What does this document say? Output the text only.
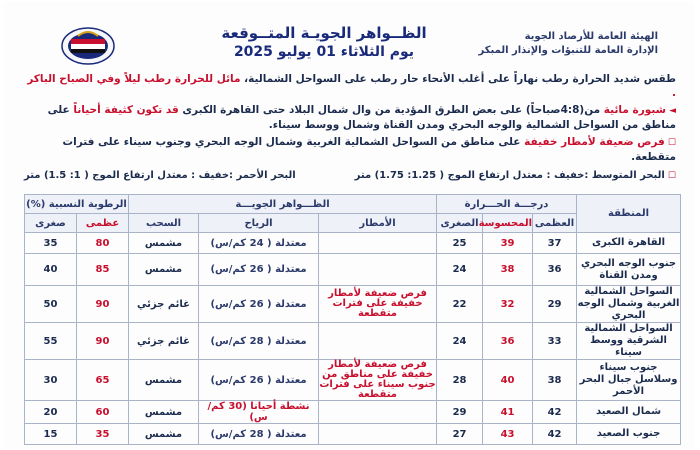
الهيئة العامة للأرصاد الجوية
الإدارة العامة للتنبؤات والإنذار المبكر
الظــواهر الجويـة المتــوقعة
يوم الثلاثاء 01 يوليو 2025
طقس شديد الحرارة رطب نهاراً على أغلب الأنحاء حار رطب على السواحل الشمالية، مائل للحرارة رطب ليلاً وفي الصباح الباكر .
◄ شبورة مائية من(4:8صباحاً) على بعض الطرق المؤدية من وال شمال البلاد حتى القاهرة الكبرى قد تكون كثيفة أحياناً على مناطق من السواحل الشمالية والوجه البحري ومدن القناة وشمال ووسط سيناء.
☐ فرص ضعيفة لأمطار خفيفة على مناطق من السواحل الشمالية الغربية وشمال الوجه البحري وجنوب سيناء على فترات متقطعة.
☐ البحر المتوسط :خفيف : معتدل ارتفاع الموج ( 1.25: 1.75) متر
البحر الأحمر :خفيف : معتدل ارتفاع الموج ( 1: 1.5) متر
المنطقة	درجـــة الحـــرارة			الظـــواهر الجويـــة			الرطوبة النسبية (%)	
	العظمى	المحسوسة	الصغرى	الأمطار	الرياح	السحب	عظمى	صغرى
القاهرة الكبرى	37	39	25		معتدلة ( 24 كم/س)	مشمس	80	35
جنوب الوجه البحري ومدن القناة	36	38	24		معتدلة ( 26 كم/س)	مشمس	85	40
السواحل الشمالية الغربية وشمال الوجه البحري	29	32	22	فرص ضعيفة لأمطار خفيفة على فترات متقطعة	معتدلة ( 26 كم/س)	غائم جزئي	90	50
السواحل الشمالية الشرقية ووسط سيناء	33	36	24		معتدلة ( 28 كم/س)	غائم جزئي	90	55
جنوب سيناء وسلاسل جبال البحر الأحمر	38	40	28	فرص ضعيفة لأمطار خفيفة على مناطق من جنوب سيناء على فترات متقطعة	معتدلة ( 26 كم/س)	مشمس	65	30
شمال الصعيد	42	41	29		نشطة أحيانا (30 كم/س)	مشمس	60	20
جنوب الصعيد	42	43	27		معتدلة ( 28 كم/س)	مشمس	35	15
